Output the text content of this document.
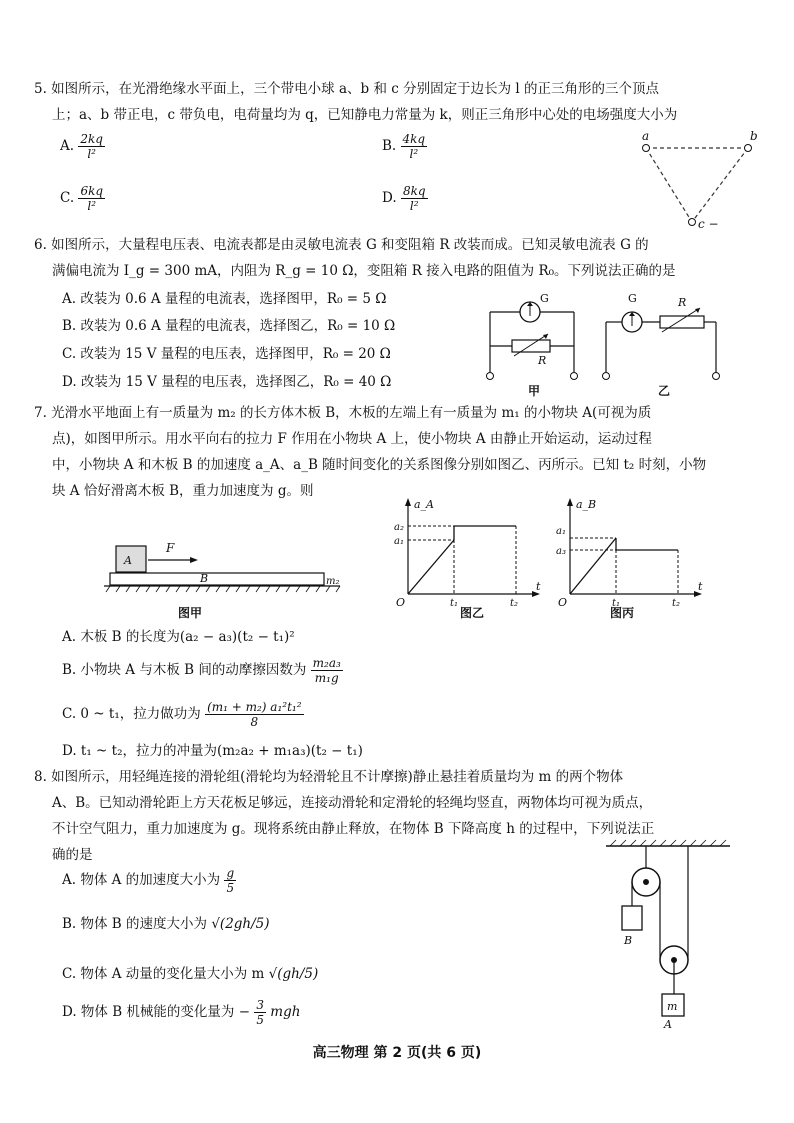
5. 如图所示，在光滑绝缘水平面上，三个带电小球 a、b 和 c 分别固定于边长为 l 的正三角形的三个顶点
上；a、b 带正电，c 带负电，电荷量均为 q，已知静电力常量为 k，则正三角形中心处的电场强度大小为
A. $\frac{2kq}{\text{l²}}$	B. $\frac{4kq}{\text{l²}}$
C. $\frac{6kq}{\text{l²}}$	D. $\frac{8kq}{\text{l²}}$
a	b
c −
6. 如图所示，大量程电压表、电流表都是由灵敏电流表 G 和变阻箱 R 改装而成。已知灵敏电流表 G 的
满偏电流为 I_g = 300 mA，内阻为 R_g = 10 Ω，变阻箱 R 接入电路的阻值为 R₀。下列说法正确的是
A. 改装为 0.6 A 量程的电流表，选择图甲，R₀ = 5 Ω
B. 改装为 0.6 A 量程的电流表，选择图乙，R₀ = 10 Ω
C. 改装为 15 V 量程的电压表，选择图甲，R₀ = 20 Ω
D. 改装为 15 V 量程的电压表，选择图乙，R₀ = 40 Ω
G
R
甲
G	R
乙
7. 光滑水平地面上有一质量为 m₂ 的长方体木板 B，木板的左端上有一质量为 m₁ 的小物块 A(可视为质
点)，如图甲所示。用水平向右的拉力 F 作用在小物块 A 上，使小物块 A 由静止开始运动，运动过程
中，小物块 A 和木板 B 的加速度 a_A、a_B 随时间变化的关系图像分别如图乙、丙所示。已知 t₂ 时刻，小物
块 A 恰好滑离木板 B，重力加速度为 g。则
A
F
B	m₂
图甲
a_A
t
O
a₂
a₁
t₁	t₂
图乙
a_B
t
O
a₁
a₃
t₁	t₂
图丙
A. 木板 B 的长度为(a₂ − a₃)(t₂ − t₁)²
B. 小物块 A 与木板 B 间的动摩擦因数为 $\frac{\text{m₂a₃}}{\text{m₁g}}$
C. 0 ~ t₁，拉力做功为 $\frac{\text{(m₁ + m₂) a₁²t₁²}}{8}$
D. t₁ ~ t₂，拉力的冲量为(m₂a₂ + m₁a₃)(t₂ − t₁)
8. 如图所示，用轻绳连接的滑轮组(滑轮均为轻滑轮且不计摩擦)静止悬挂着质量均为 m 的两个物体
A、B。已知动滑轮距上方天花板足够远，连接动滑轮和定滑轮的轻绳均竖直，两物体均可视为质点，
不计空气阻力，重力加速度为 g。现将系统由静止释放，在物体 B 下降高度 h 的过程中，下列说法正
确的是
A. 物体 A 的加速度大小为 $\frac{g}{5}$
B. 物体 B 的速度大小为 √(2gh/5)
C. 物体 A 动量的变化量大小为 m √(gh/5)
D. 物体 B 机械能的变化量为 − $\frac{3}{5}$ mgh
B
m
A
高三物理 第 2 页(共 6 页)
